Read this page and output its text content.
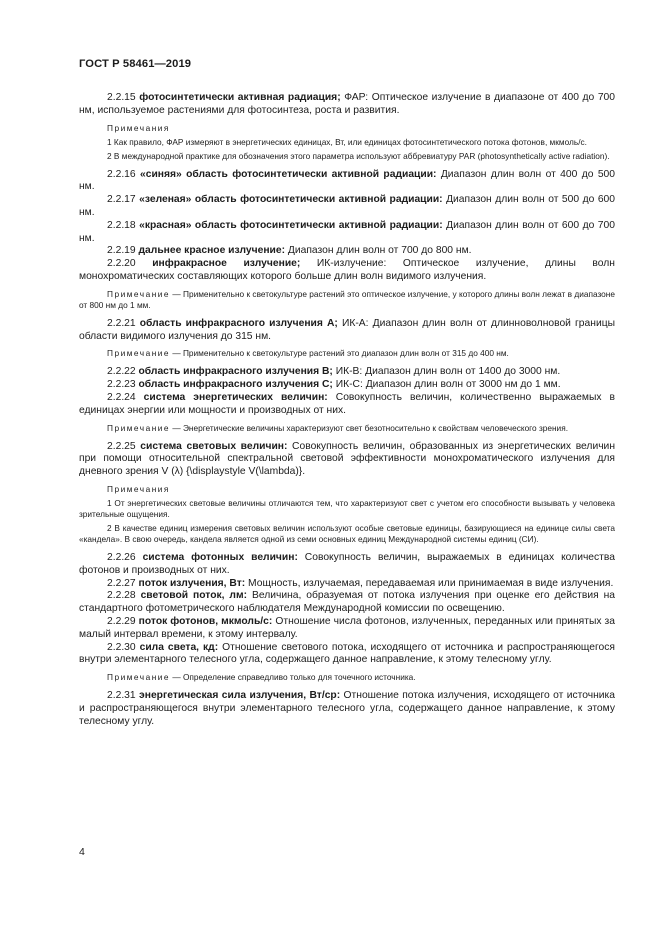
ГОСТ Р 58461—2019

2.2.15 фотосинтетически активная радиация; ФАР: Оптическое излучение в диапазоне от 400 до 700 нм, используемое растениями для фотосинтеза, роста и развития.

Примечания

1 Как правило, ФАР измеряют в энергетических единицах, Вт, или единицах фотосинтетического потока фотонов, мкмоль/с.

2 В международной практике для обозначения этого параметра используют аббревиатуру PAR (photosynthetically active radiation).

2.2.16 «синяя» область фотосинтетически активной радиации: Диапазон длин волн от 400 до 500 нм.

2.2.17 «зеленая» область фотосинтетически активной радиации: Диапазон длин волн от 500 до 600 нм.

2.2.18 «красная» область фотосинтетически активной радиации: Диапазон длин волн от 600 до 700 нм.

2.2.19 дальнее красное излучение: Диапазон длин волн от 700 до 800 нм.

2.2.20 инфракрасное излучение; ИК-излучение: Оптическое излучение, длины волн монохроматических составляющих которого больше длин волн видимого излучения.

Примечание — Применительно к светокультуре растений это оптическое излучение, у которого длины волн лежат в диапазоне от 800 нм до 1 мм.

2.2.21 область инфракрасного излучения А; ИК-А: Диапазон длин волн от длинноволновой границы области видимого излучения до 315 нм.

Примечание — Применительно к светокультуре растений это диапазон длин волн от 315 до 400 нм.

2.2.22 область инфракрасного излучения В; ИК-В: Диапазон длин волн от 1400 до 3000 нм.

2.2.23 область инфракрасного излучения С; ИК-С: Диапазон длин волн от 3000 нм до 1 мм.

2.2.24 система энергетических величин: Совокупность величин, количественно выражаемых в единицах энергии или мощности и производных от них.

Примечание — Энергетические величины характеризуют свет безотносительно к свойствам человеческого зрения.

2.2.25 система световых величин: Совокупность величин, образованных из энергетических величин при помощи относительной спектральной световой эффективности монохроматического излучения для дневного зрения V (λ) {\displaystyle V(\lambda)}.

Примечания

1 От энергетических световые величины отличаются тем, что характеризуют свет с учетом его способности вызывать у человека зрительные ощущения.

2 В качестве единиц измерения световых величин используют особые световые единицы, базирующиеся на единице силы света «кандела». В свою очередь, кандела является одной из семи основных единиц Международной системы единиц (СИ).

2.2.26 система фотонных величин: Совокупность величин, выражаемых в единицах количества фотонов и производных от них.

2.2.27 поток излучения, Вт: Мощность, излучаемая, передаваемая или принимаемая в виде излучения.

2.2.28 световой поток, лм: Величина, образуемая от потока излучения при оценке его действия на стандартного фотометрического наблюдателя Международной комиссии по освещению.

2.2.29 поток фотонов, мкмоль/с: Отношение числа фотонов, излученных, переданных или принятых за малый интервал времени, к этому интервалу.

2.2.30 сила света, кд: Отношение светового потока, исходящего от источника и распространяющегося внутри элементарного телесного угла, содержащего данное направление, к этому телесному углу.

Примечание — Определение справедливо только для точечного источника.

2.2.31 энергетическая сила излучения, Вт/ср: Отношение потока излучения, исходящего от источника и распространяющегося внутри элементарного телесного угла, содержащего данное направление, к этому телесному углу.

4
